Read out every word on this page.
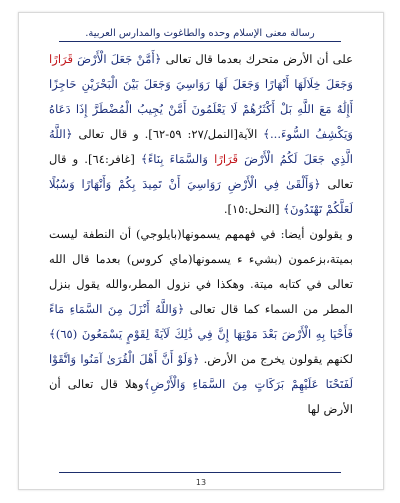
رسالة معنى الإسلام وحده والطاغوت والمدارس العربية.

على أن الأرض متحرك بعدما قال تعالى ﴿أَمَّنْ جَعَلَ الْأَرْضَ قَرَارًا وَجَعَلَ خِلَالَهَا أَنْهَارًا وَجَعَلَ لَهَا رَوَاسِيَ وَجَعَلَ بَيْنَ الْبَحْرَيْنِ حَاجِزًا أَإِلَٰهٌ مَعَ اللَّهِ بَلْ أَكْثَرُهُمْ لَا يَعْلَمُونَ أَمَّنْ يُجِيبُ الْمُضْطَرَّ إِذَا دَعَاهُ وَيَكْشِفُ السُّوءَ...﴾ الآية[النمل/٢٧: ٥٩-٦٢]. و قال تعالى ﴿اللَّهُ الَّذِي جَعَلَ لَكُمُ الْأَرْضَ قَرَارًا وَالسَّمَاءَ بِنَاءً﴾ [غافر:٦٤]. و قال تعالى ﴿وَأَلْقَىٰ فِي الْأَرْضِ رَوَاسِيَ أَنْ تَمِيدَ بِكُمْ وَأَنْهَارًا وَسُبُلًا لَعَلَّكُمْ تَهْتَدُونَ﴾ [النحل:١٥].

و يقولون أيضا: في فهمهم يسمونها(بايلوجي) أن النطفة ليست بميتة،بزعمون (بشيء ء يسمونها(ماي كروس) بعدما قال الله تعالى في كتابه ميتة. وهكذا في نزول المطر،والله يقول بنزل المطر من السماء كما قال تعالى ﴿وَاللَّهُ أَنْزَلَ مِنَ السَّمَاءِ مَاءً فَأَحْيَا بِهِ الْأَرْضَ بَعْدَ مَوْتِهَا إِنَّ فِي ذَٰلِكَ لَآيَةً لِقَوْمٍ يَسْمَعُونَ (٦٥)﴾ لكنهم يقولون يخرج من الأرض. ﴿وَلَوْ أَنَّ أَهْلَ الْقُرَىٰ آمَنُوا وَاتَّقَوْا لَفَتَحْنَا عَلَيْهِمْ بَرَكَاتٍ مِنَ السَّمَاءِ وَالْأَرْضِ﴾وهلا قال تعالى أن الأرض لها

13
